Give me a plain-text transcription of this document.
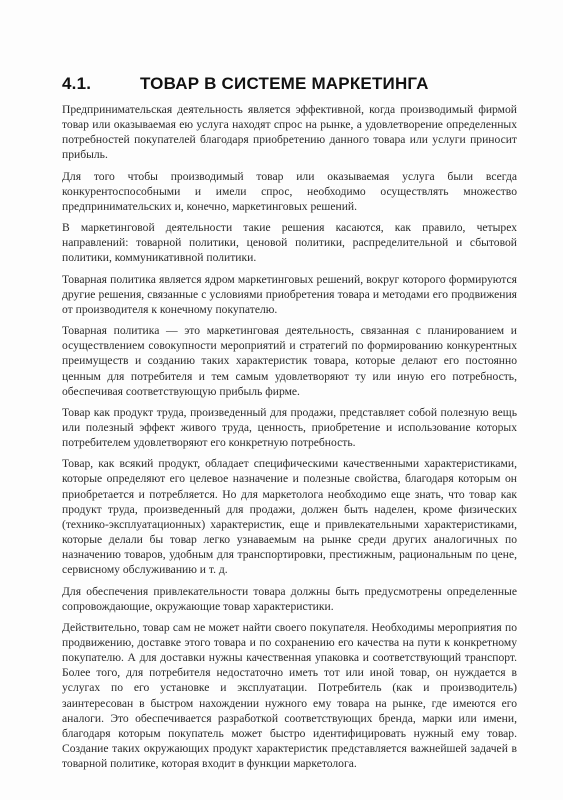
4.1.	ТОВАР В СИСТЕМЕ МАРКЕТИНГА

Предпринимательская деятельность является эффективной, когда производимый фирмой товар или оказываемая ею услуга находят спрос на рынке, а удовлетворение определенных потребностей покупателей благодаря приобретению данного товара или услуги приносит прибыль.

Для того чтобы производимый товар или оказываемая услуга были всегда конкурентоспособными и имели спрос, необходимо осуществлять множество предпринимательских и, конечно, маркетинговых решений.

В маркетинговой деятельности такие решения касаются, как правило, четырех направлений: товарной политики, ценовой политики, распределительной и сбытовой политики, коммуникативной политики.

Товарная политика является ядром маркетинговых решений, вокруг которого формируются другие решения, связанные с условиями приобретения товара и методами его продвижения от производителя к конечному покупателю.

Товарная политика — это маркетинговая деятельность, связанная с планированием и осуществлением совокупности мероприятий и стратегий по формированию конкурентных преимуществ и созданию таких характеристик товара, которые делают его постоянно ценным для потребителя и тем самым удовлетворяют ту или иную его потребность, обеспечивая соответствующую прибыль фирме.

Товар как продукт труда, произведенный для продажи, представляет собой полезную вещь или полезный эффект живого труда, ценность, приобретение и использование которых потребителем удовлетворяют его конкретную потребность.

Товар, как всякий продукт, обладает специфическими качественными характеристиками, которые определяют его целевое назначение и полезные свойства, благодаря которым он приобретается и потребляется. Но для маркетолога необходимо еще знать, что товар как продукт труда, произведенный для продажи, должен быть наделен, кроме физических (технико-эксплуатационных) характеристик, еще и привлекательными характеристиками, которые делали бы товар легко узнаваемым на рынке среди других аналогичных по назначению товаров, удобным для транспортировки, престижным, рациональным по цене, сервисному обслуживанию и т. д.

Для обеспечения привлекательности товара должны быть предусмотрены определенные сопровождающие, окружающие товар характеристики.

Действительно, товар сам не может найти своего покупателя. Необходимы мероприятия по продвижению, доставке этого товара и по сохранению его качества на пути к конкретному покупателю. А для доставки нужны качественная упаковка и соответствующий транспорт. Более того, для потребителя недостаточно иметь тот или иной товар, он нуждается в услугах по его установке и эксплуатации. Потребитель (как и производитель) заинтересован в быстром нахождении нужного ему товара на рынке, где имеются его аналоги. Это обеспечивается разработкой соответствующих бренда, марки или имени, благодаря которым покупатель может быстро идентифицировать нужный ему товар. Создание таких окружающих продукт характеристик представляется важнейшей задачей в товарной политике, которая входит в функции маркетолога.
